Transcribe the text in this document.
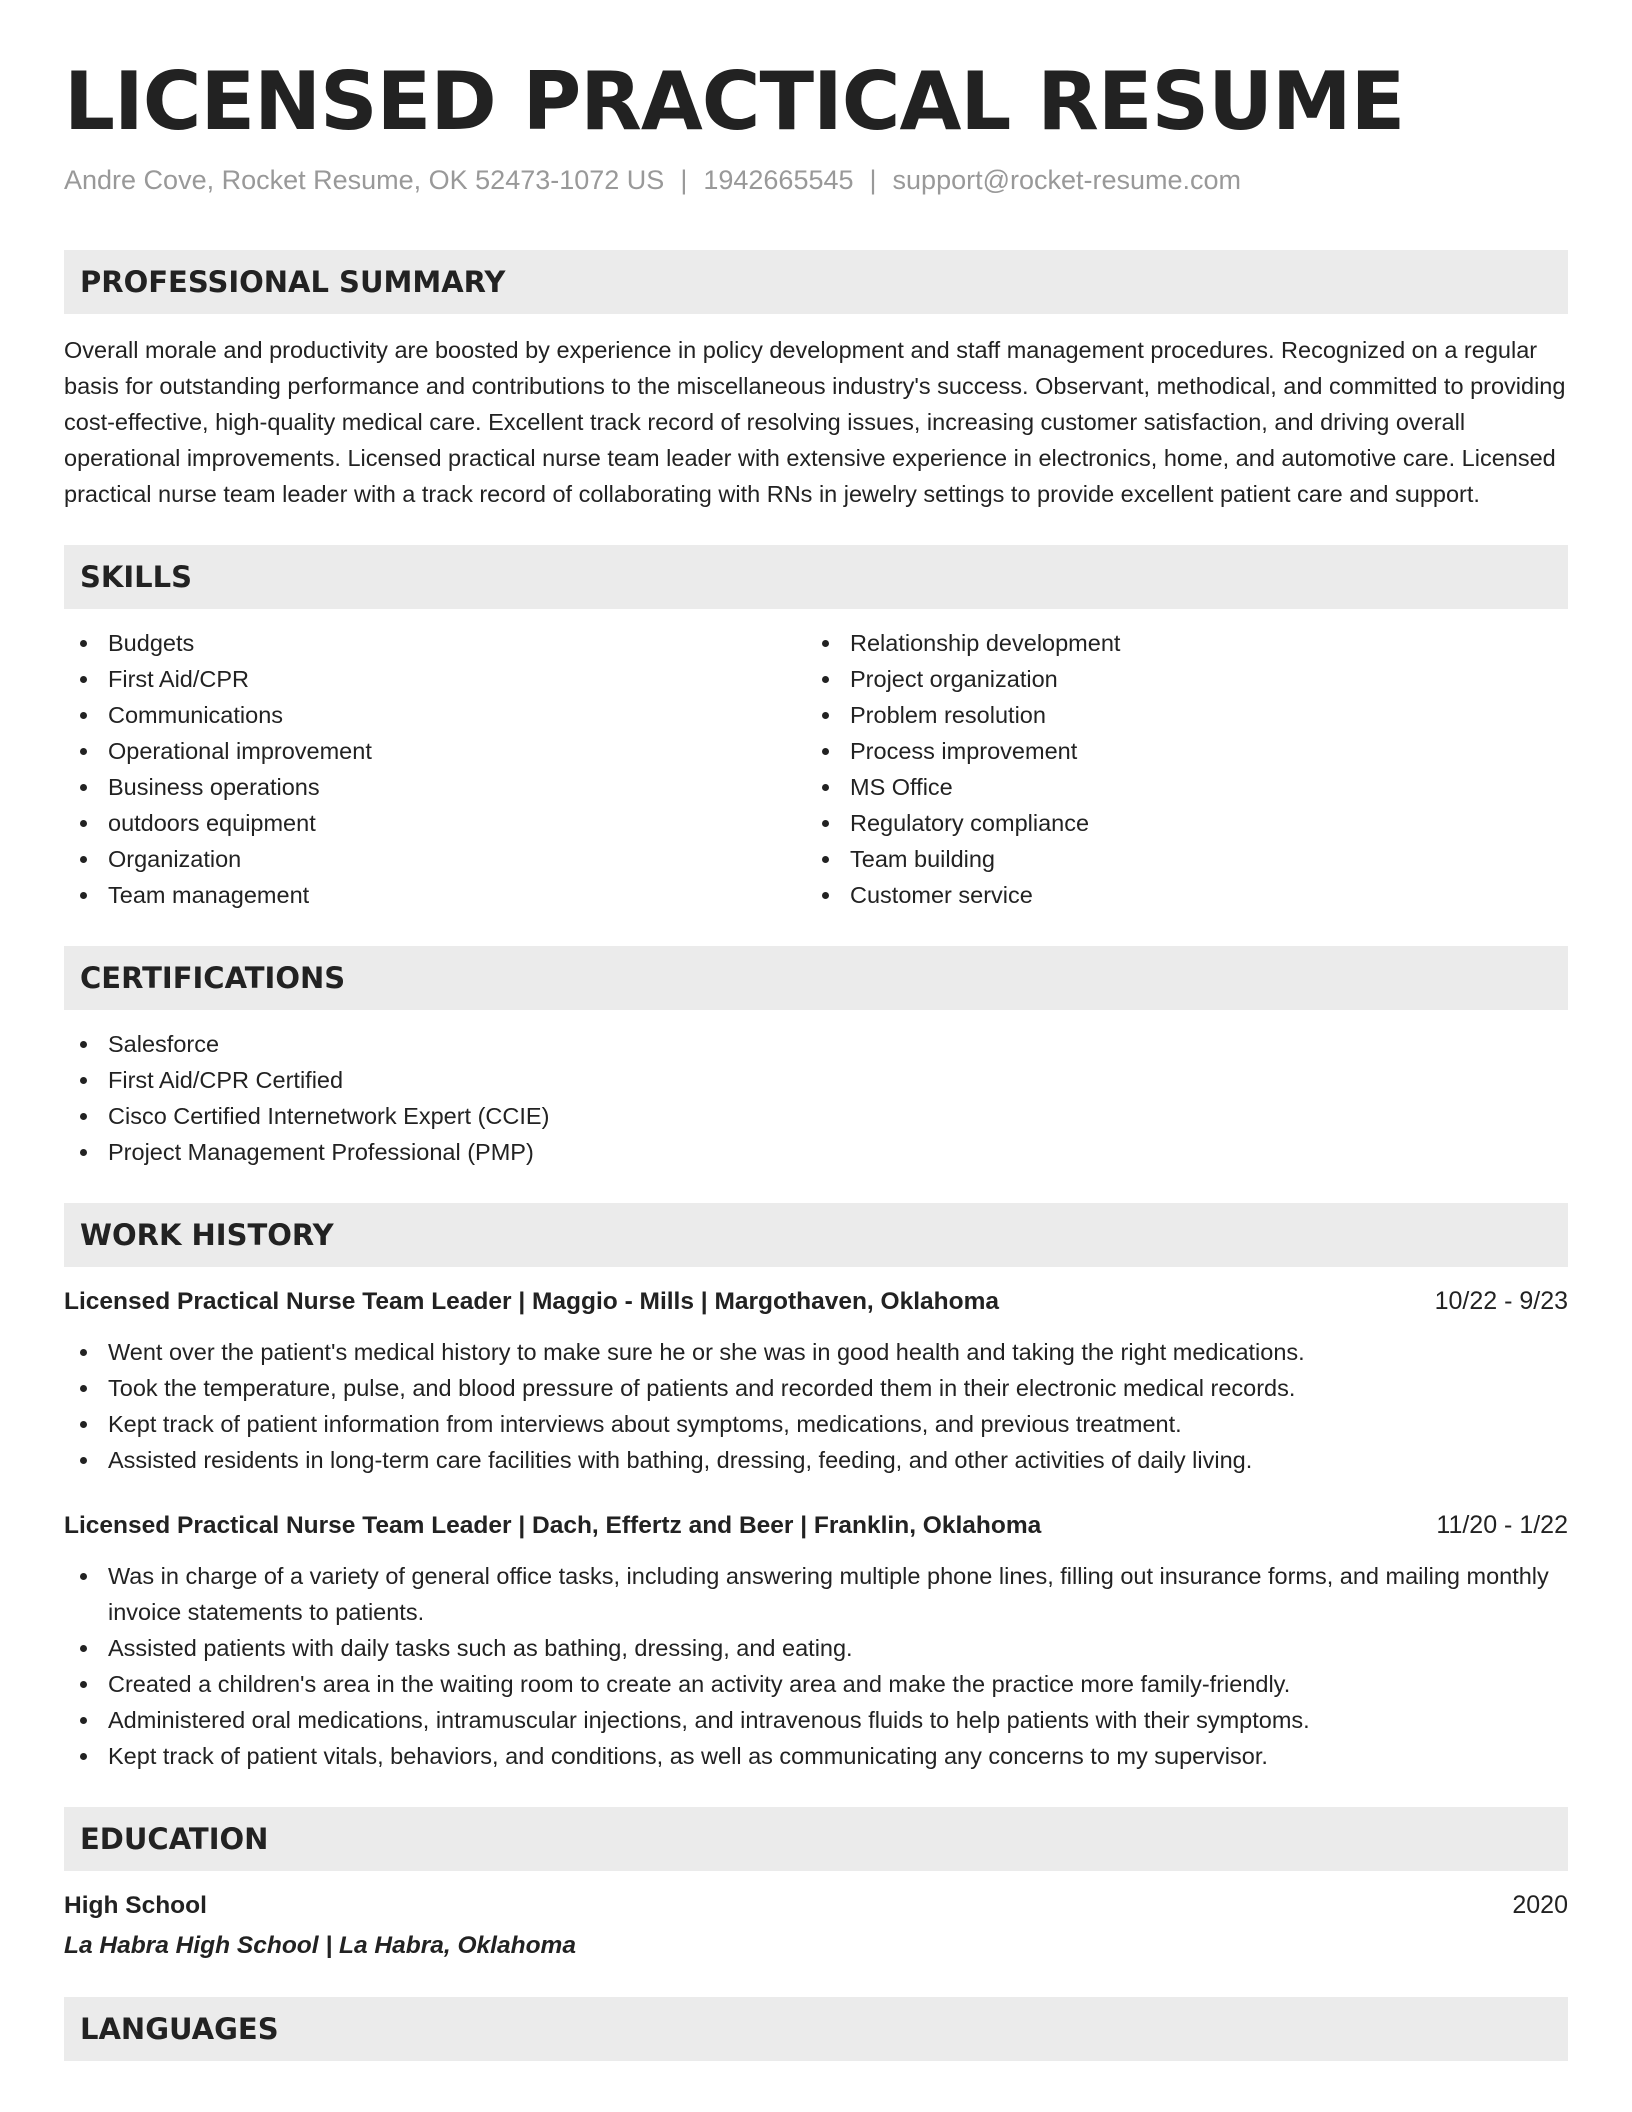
LICENSED PRACTICAL RESUME
Andre Cove, Rocket Resume, OK 52473-1072 US | 1942665545 | support@rocket-resume.com
PROFESSIONAL SUMMARY

Overall morale and productivity are boosted by experience in policy development and staff management procedures. Recognized on a regular basis for outstanding performance and contributions to the miscellaneous industry's success. Observant, methodical, and committed to providing cost-effective, high-quality medical care. Excellent track record of resolving issues, increasing customer satisfaction, and driving overall operational improvements. Licensed practical nurse team leader with extensive experience in electronics, home, and automotive care. Licensed practical nurse team leader with a track record of collaborating with RNs in jewelry settings to provide excellent patient care and support.

SKILLS
Budgets
First Aid/CPR
Communications
Operational improvement
Business operations
outdoors equipment
Organization
Team management
Relationship development
Project organization
Problem resolution
Process improvement
MS Office
Regulatory compliance
Team building
Customer service
CERTIFICATIONS
Salesforce
First Aid/CPR Certified
Cisco Certified Internetwork Expert (CCIE)
Project Management Professional (PMP)
WORK HISTORY
Licensed Practical Nurse Team Leader | Maggio - Mills | Margothaven, Oklahoma	10/22 - 9/23
Went over the patient's medical history to make sure he or she was in good health and taking the right medications.
Took the temperature, pulse, and blood pressure of patients and recorded them in their electronic medical records.
Kept track of patient information from interviews about symptoms, medications, and previous treatment.
Assisted residents in long-term care facilities with bathing, dressing, feeding, and other activities of daily living.
Licensed Practical Nurse Team Leader | Dach, Effertz and Beer | Franklin, Oklahoma	11/20 - 1/22
Was in charge of a variety of general office tasks, including answering multiple phone lines, filling out insurance forms, and mailing monthly invoice statements to patients.
Assisted patients with daily tasks such as bathing, dressing, and eating.
Created a children's area in the waiting room to create an activity area and make the practice more family-friendly.
Administered oral medications, intramuscular injections, and intravenous fluids to help patients with their symptoms.
Kept track of patient vitals, behaviors, and conditions, as well as communicating any concerns to my supervisor.
EDUCATION
High School	2020
La Habra High School | La Habra, Oklahoma
LANGUAGES
